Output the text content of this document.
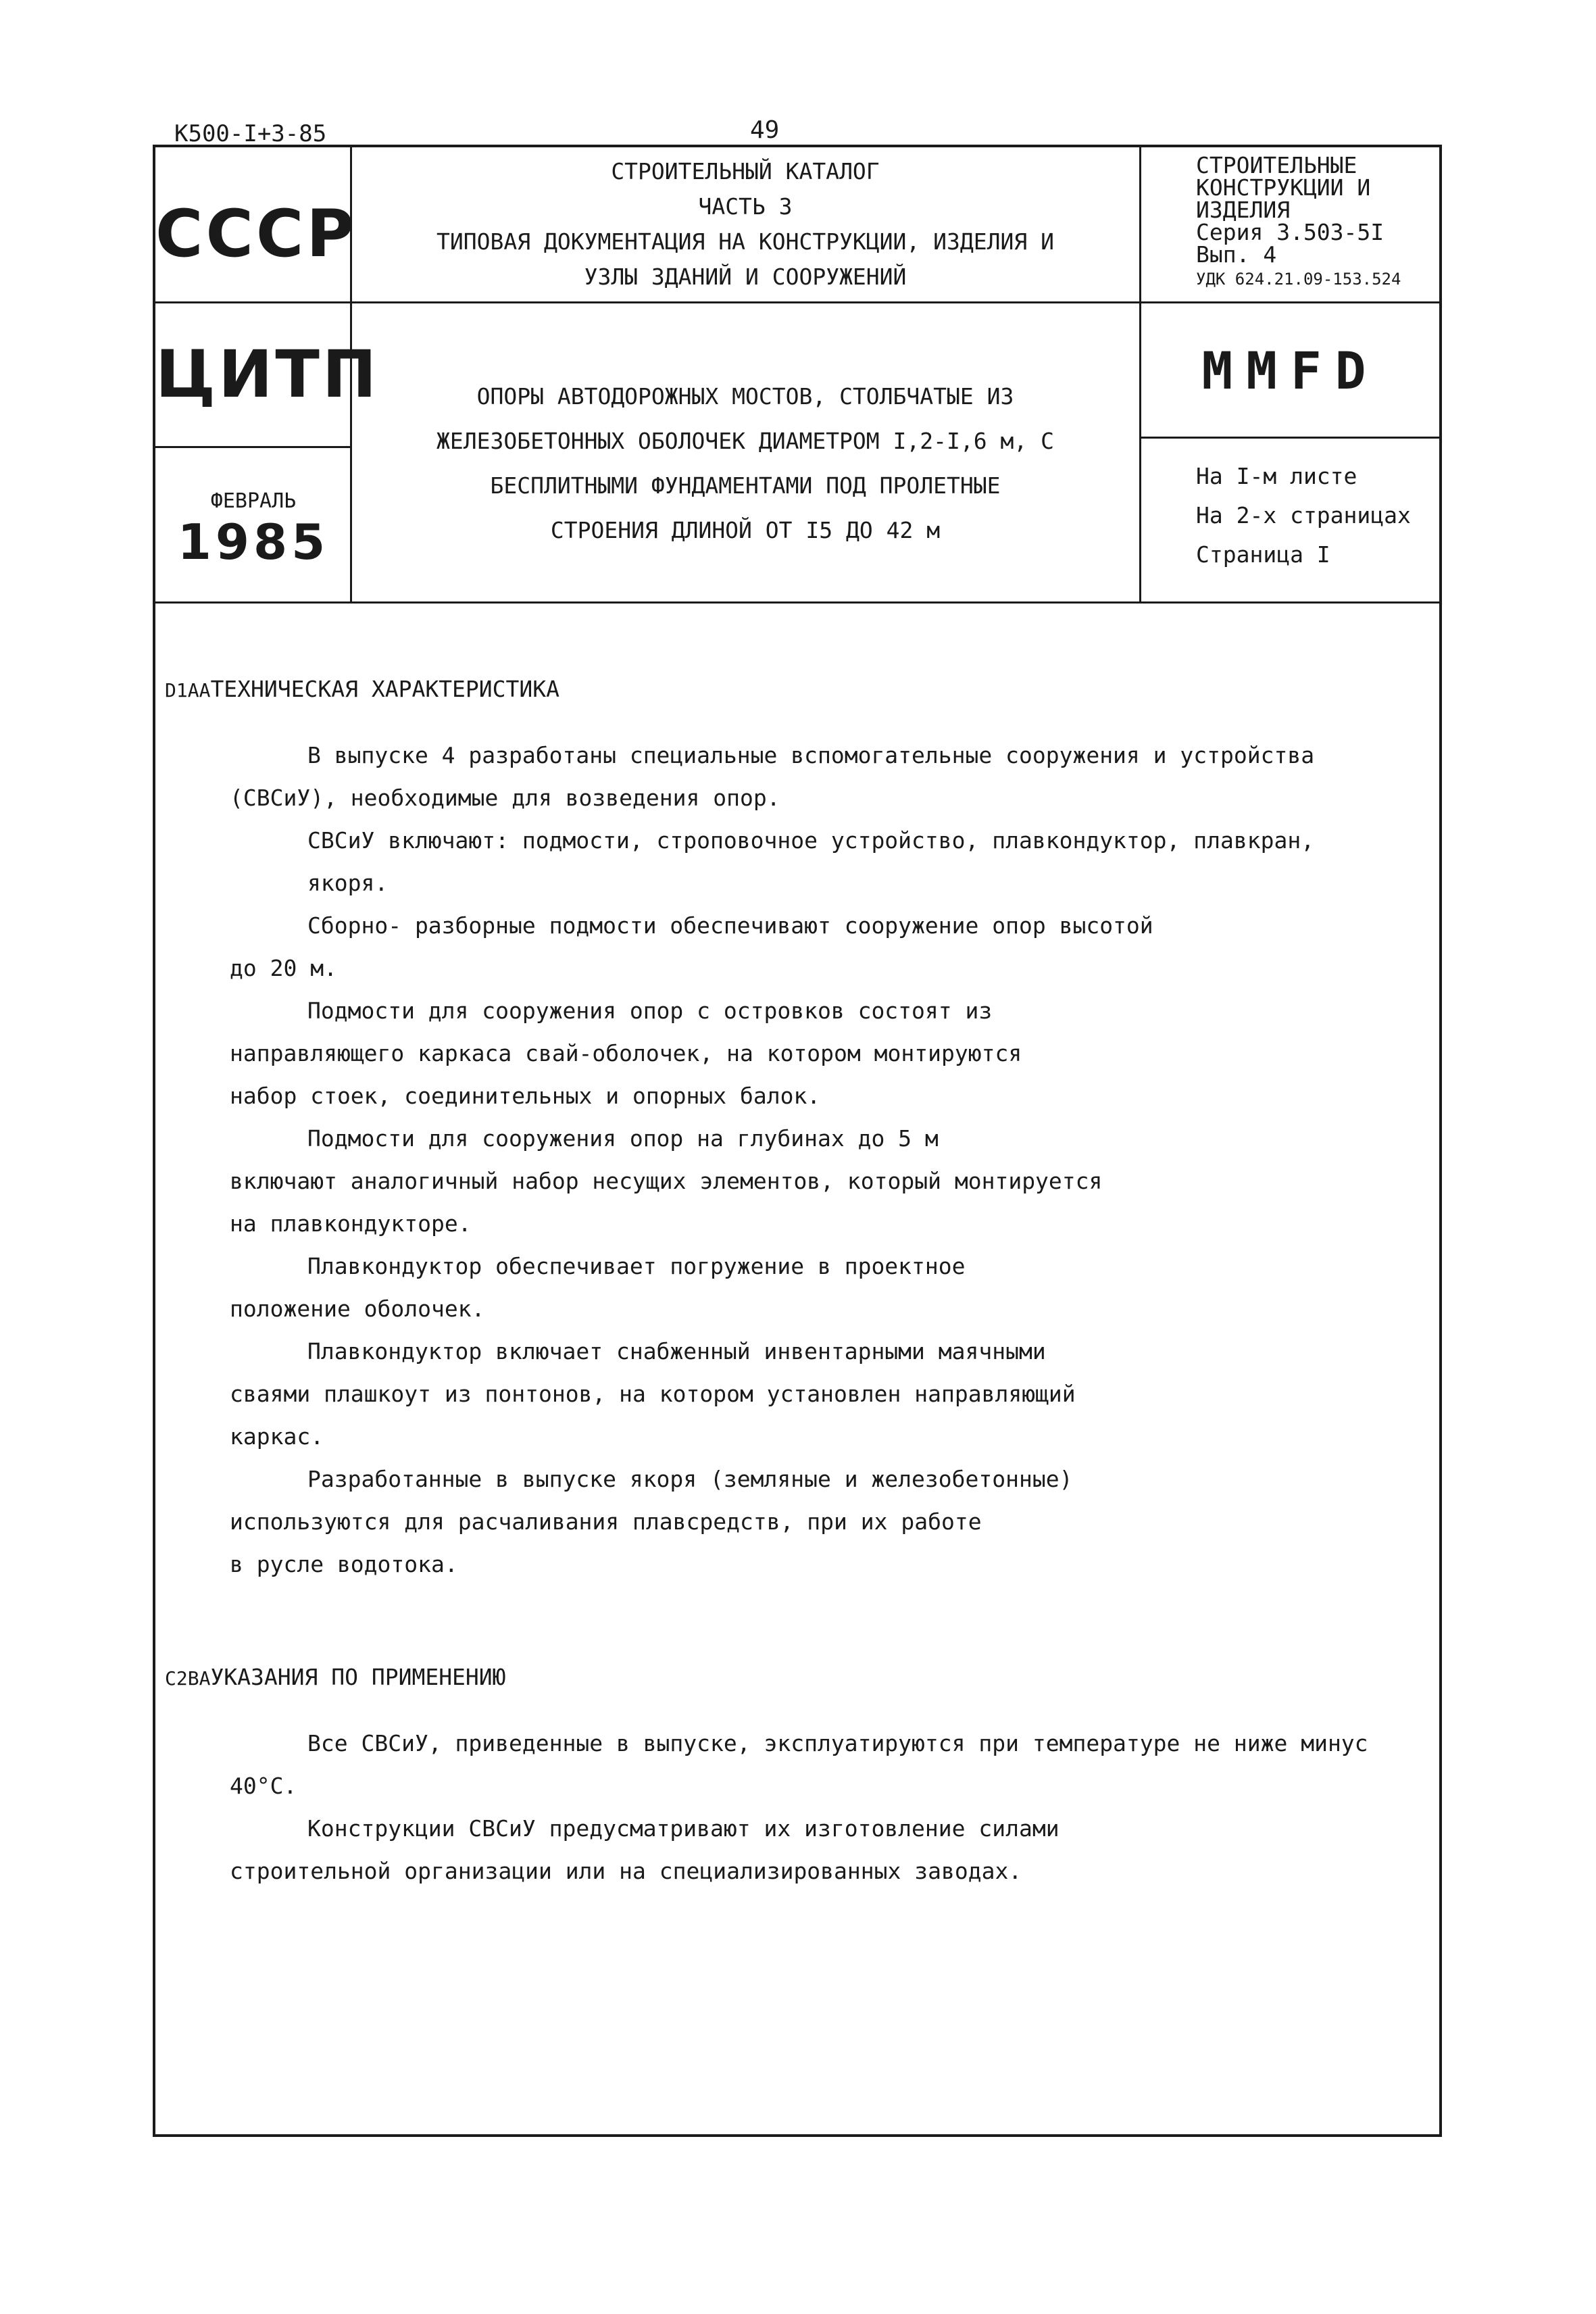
К500-I+3-85	49
СССР
ЦИТП
ФЕВРАЛЬ
1985
СТРОИТЕЛЬНЫЙ КАТАЛОГ
ЧАСТЬ 3
ТИПОВАЯ ДОКУМЕНТАЦИЯ НА КОНСТРУКЦИИ, ИЗДЕЛИЯ И
УЗЛЫ ЗДАНИЙ И СООРУЖЕНИЙ
ОПОРЫ АВТОДОРОЖНЫХ МОСТОВ, СТОЛБЧАТЫЕ ИЗ
ЖЕЛЕЗОБЕТОННЫХ ОБОЛОЧЕК ДИАМЕТРОМ I,2-I,6 м, С
БЕСПЛИТНЫМИ ФУНДАМЕНТАМИ ПОД ПРОЛЕТНЫЕ
СТРОЕНИЯ ДЛИНОЙ ОТ I5 ДО 42 м
СТРОИТЕЛЬНЫЕ
КОНСТРУКЦИИ И
ИЗДЕЛИЯ
Серия 3.503-5I
Вып. 4
УДК 624.21.09-153.524
ММFD
На I-м листе
На 2-х страницах
Страница I
D1AAТЕХНИЧЕСКАЯ ХАРАКТЕРИСТИКА
В выпуске 4 разработаны специальные вспомогательные сооружения и устройства
(СВСиУ), необходимые для возведения опор.
СВСиУ включают: подмости, строповочное устройство, плавкондуктор, плавкран, якоря.
Сборно- разборные подмости обеспечивают сооружение опор высотой
до 20 м.
Подмости для сооружения опор с островков состоят из
направляющего каркаса свай-оболочек, на котором монтируются
набор стоек, соединительных и опорных балок.
Подмости для сооружения опор на глубинах до 5 м
включают аналогичный набор несущих элементов, который монтируется
на плавкондукторе.
Плавкондуктор обеспечивает погружение в проектное
положение оболочек.
Плавкондуктор включает снабженный инвентарными маячными
сваями плашкоут из понтонов, на котором установлен направляющий
каркас.
Разработанные в выпуске якоря (земляные и железобетонные)
используются для расчаливания плавсредств, при их работе
в русле водотока.
C2BAУКАЗАНИЯ ПО ПРИМЕНЕНИЮ
Все СВСиУ, приведенные в выпуске, эксплуатируются при температуре не ниже минус
40°С.
Конструкции СВСиУ предусматривают их изготовление силами
строительной организации или на специализированных заводах.
